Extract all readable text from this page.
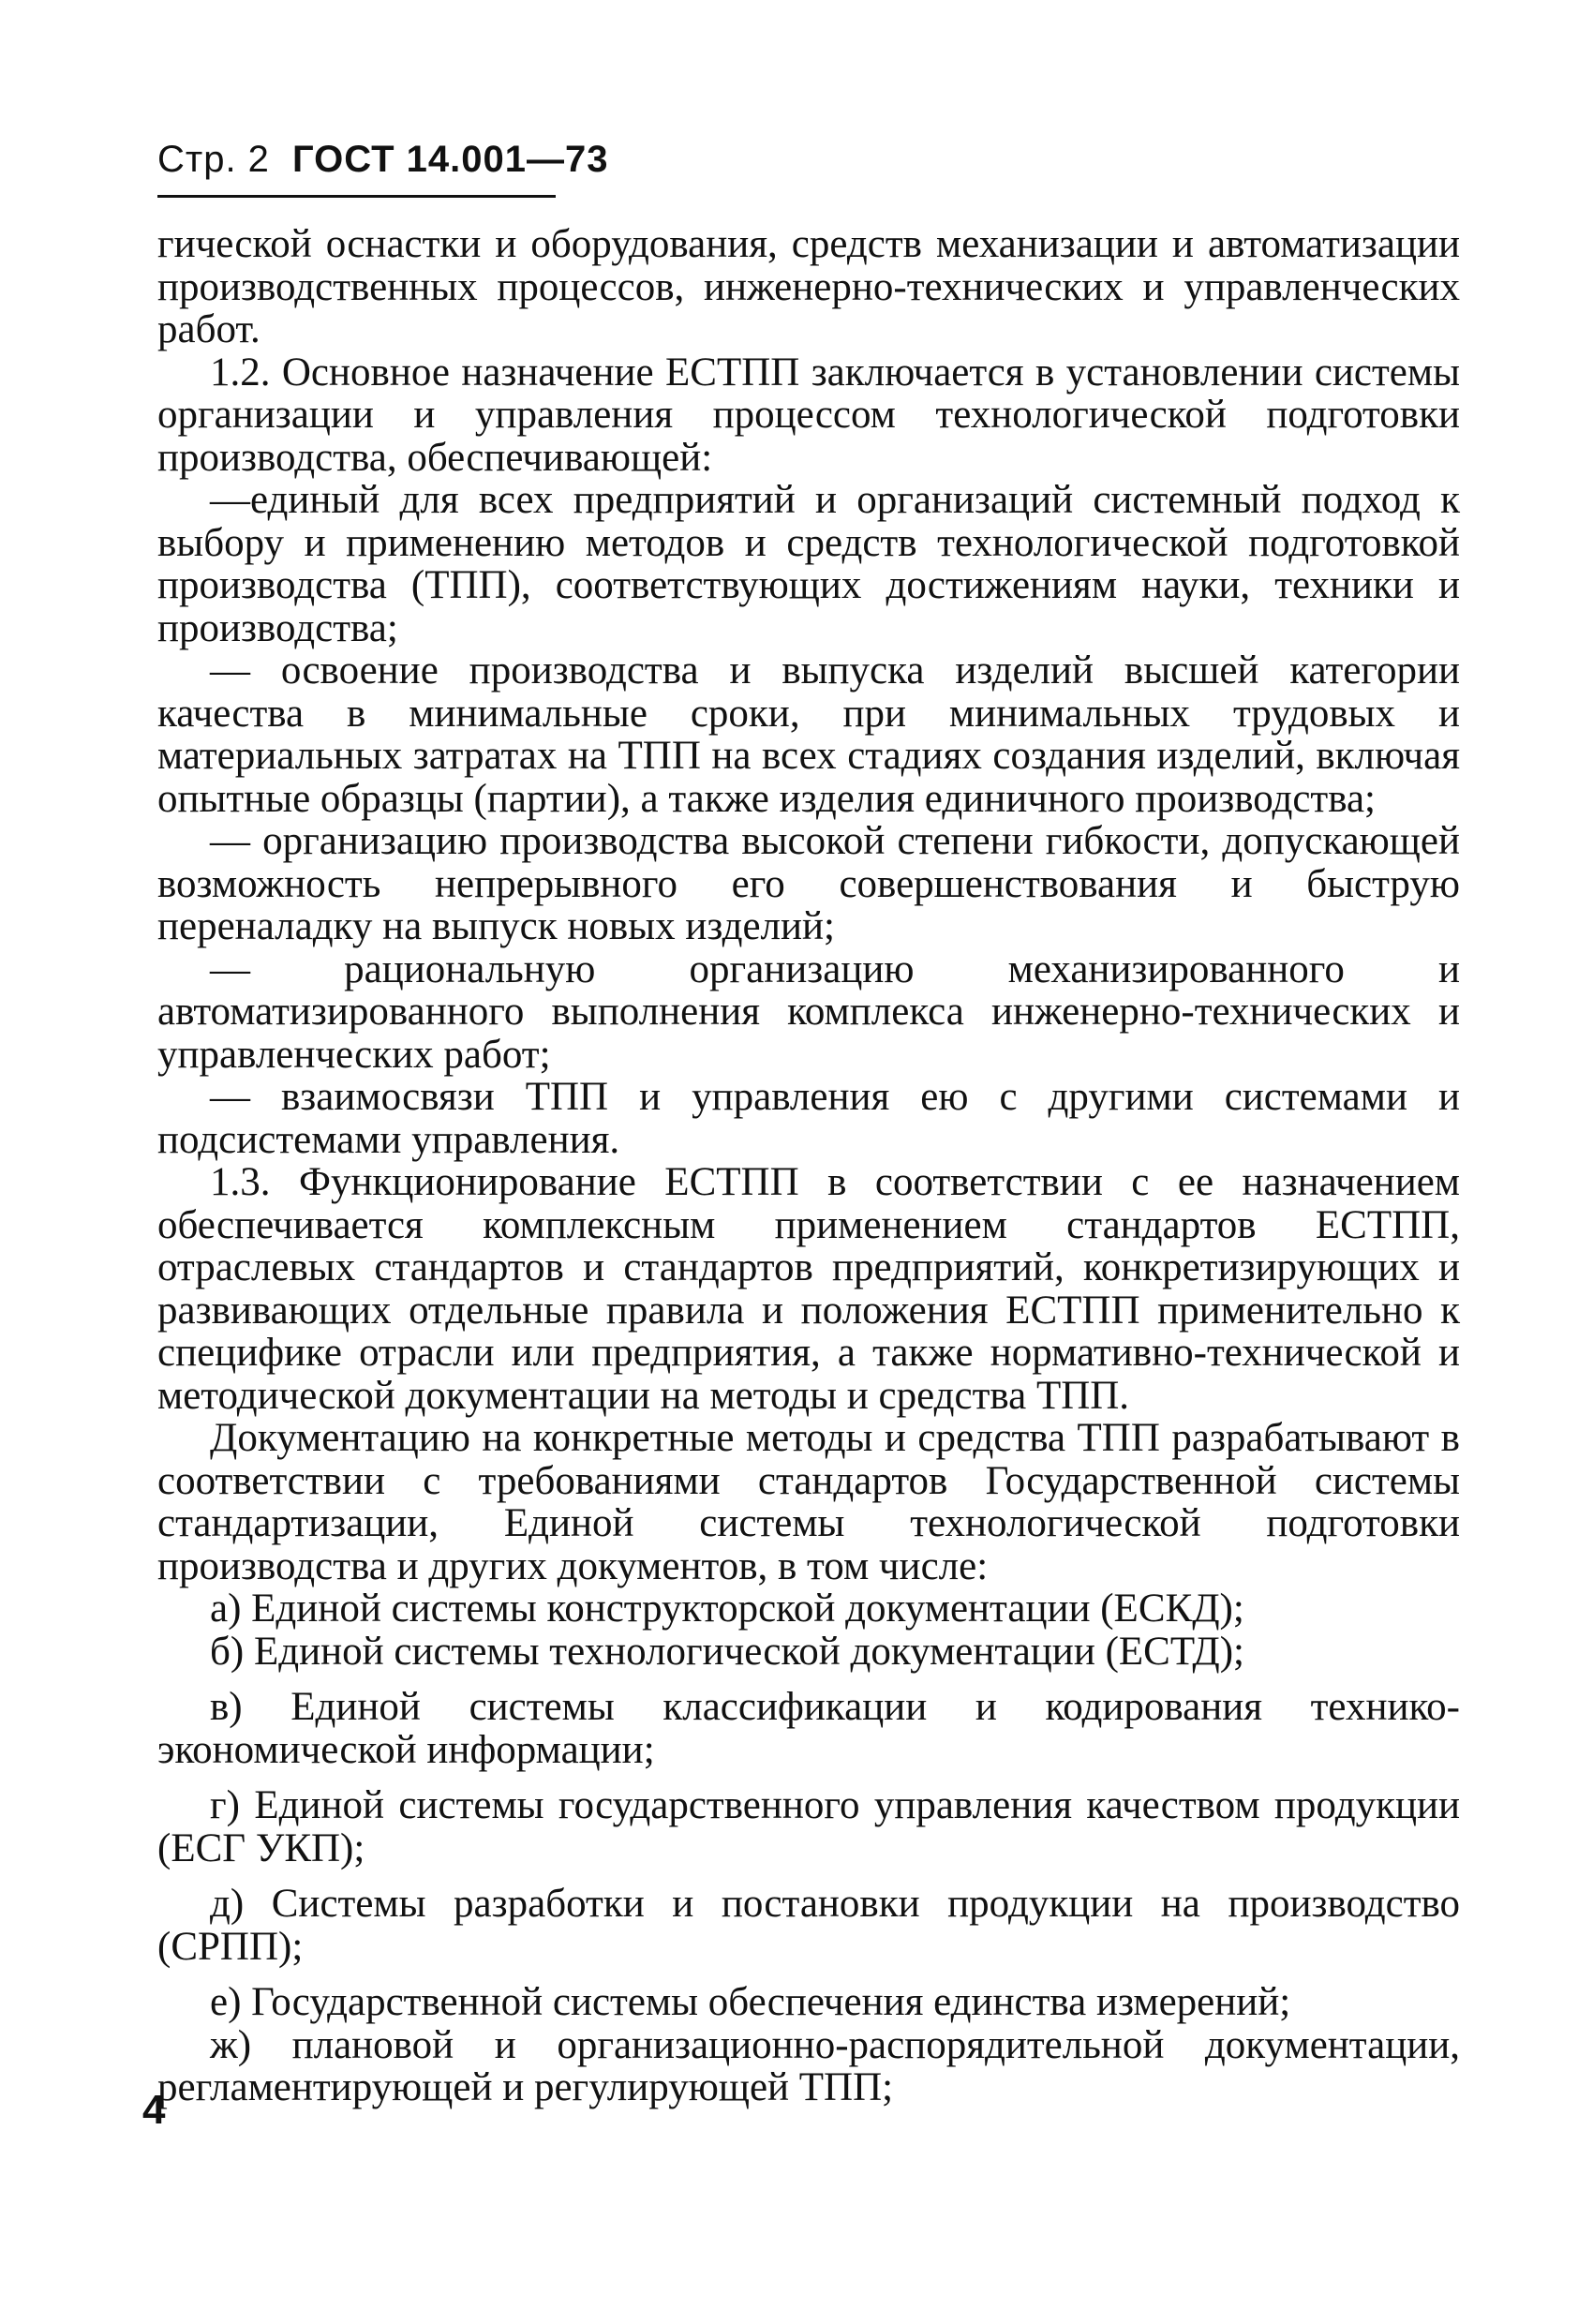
Стр. 2 ГОСТ 14.001—73

гической оснастки и оборудования, средств механизации и автоматизации производственных процессов, инженерно-технических и управленческих работ.

1.2. Основное назначение ЕСТПП заключается в установлении системы организации и управления процессом технологической подготовки производства, обеспечивающей:

—единый для всех предприятий и организаций системный подход к выбору и применению методов и средств технологической подготовкой производства (ТПП), соответствующих достижениям науки, техники и производства;

— освоение производства и выпуска изделий высшей категории качества в минимальные сроки, при минимальных трудовых и материальных затратах на ТПП на всех стадиях создания изделий, включая опытные образцы (партии), а также изделия единичного производства;

— организацию производства высокой степени гибкости, допускающей возможность непрерывного его совершенствования и быструю переналадку на выпуск новых изделий;

— рациональную организацию механизированного и автоматизированного выполнения комплекса инженерно-технических и управленческих работ;

— взаимосвязи ТПП и управления ею с другими системами и подсистемами управления.

1.3. Функционирование ЕСТПП в соответствии с ее назначением обеспечивается комплексным применением стандартов ЕСТПП, отраслевых стандартов и стандартов предприятий, конкретизирующих и развивающих отдельные правила и положения ЕСТПП применительно к специфике отрасли или предприятия, а также нормативно-технической и методической документации на методы и средства ТПП.

Документацию на конкретные методы и средства ТПП разрабатывают в соответствии с требованиями стандартов Государственной системы стандартизации, Единой системы технологической подготовки производства и других документов, в том числе:

а) Единой системы конструкторской документации (ЕСКД);

б) Единой системы технологической документации (ЕСТД);

в) Единой системы классификации и кодирования технико-экономической информации;

г) Единой системы государственного управления качеством продукции (ЕСГ УКП);

д) Системы разработки и постановки продукции на производство (СРПП);

е) Государственной системы обеспечения единства измерений;

ж) плановой и организационно-распорядительной документации, регламентирующей и регулирующей ТПП;

4
